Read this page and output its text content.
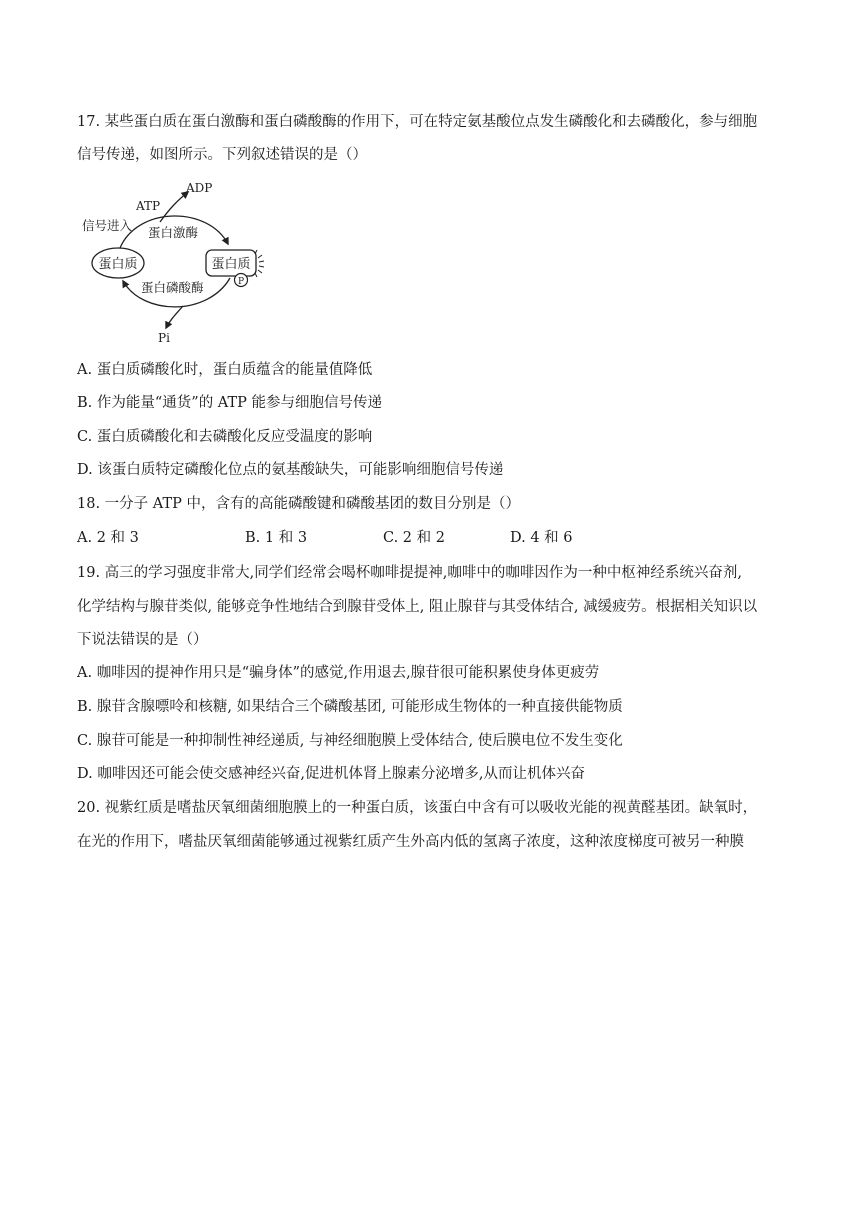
17. 某些蛋白质在蛋白激酶和蛋白磷酸酶的作用下，可在特定氨基酸位点发生磷酸化和去磷酸化，参与细胞
信号传递，如图所示。下列叙述错误的是（）
蛋白质	蛋白质
P
ADP
ATP
信号进入 蛋白激酶
蛋白磷酸酶
Pi
A. 蛋白质磷酸化时，蛋白质蕴含的能量值降低
B. 作为能量“通货”的 ATP 能参与细胞信号传递
C. 蛋白质磷酸化和去磷酸化反应受温度的影响
D. 该蛋白质特定磷酸化位点的氨基酸缺失，可能影响细胞信号传递
18. 一分子 ATP 中，含有的高能磷酸键和磷酸基团的数目分别是（）
A. 2 和 3	B. 1 和 3	C. 2 和 2	D. 4 和 6
19. 高三的学习强度非常大,同学们经常会喝杯咖啡提提神,咖啡中的咖啡因作为一种中枢神经系统兴奋剂,
化学结构与腺苷类似, 能够竞争性地结合到腺苷受体上, 阻止腺苷与其受体结合, 减缓疲劳。根据相关知识以
下说法错误的是（）
A. 咖啡因的提神作用只是“骗身体”的感觉,作用退去,腺苷很可能积累使身体更疲劳
B. 腺苷含腺嘌呤和核糖, 如果结合三个磷酸基团, 可能形成生物体的一种直接供能物质
C. 腺苷可能是一种抑制性神经递质, 与神经细胞膜上受体结合, 使后膜电位不发生变化
D. 咖啡因还可能会使交感神经兴奋,促进机体肾上腺素分泌增多,从而让机体兴奋
20. 视紫红质是嗜盐厌氧细菌细胞膜上的一种蛋白质，该蛋白中含有可以吸收光能的视黄醛基团。缺氧时，
在光的作用下，嗜盐厌氧细菌能够通过视紫红质产生外高内低的氢离子浓度，这种浓度梯度可被另一种膜
